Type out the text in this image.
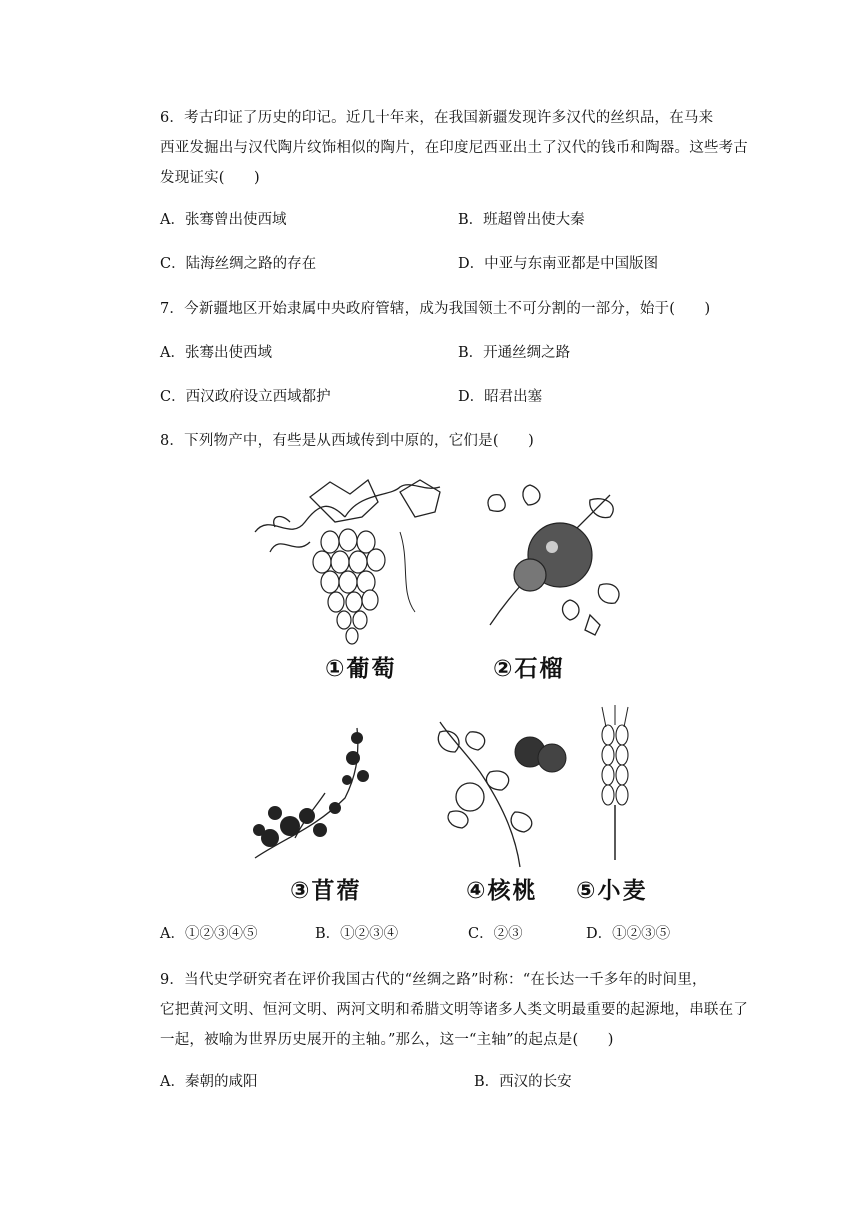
6．考古印证了历史的印记。近几十年来，在我国新疆发现许多汉代的丝织品，在马来
西亚发掘出与汉代陶片纹饰相似的陶片，在印度尼西亚出土了汉代的钱币和陶器。这些考古
发现证实(　　)
A．张骞曾出使西域	B．班超曾出使大秦
C．陆海丝绸之路的存在	D．中亚与东南亚都是中国版图
7．今新疆地区开始隶属中央政府管辖，成为我国领土不可分割的一部分，始于(　　)
A．张骞出使西域	B．开通丝绸之路
C．西汉政府设立西域都护	D．昭君出塞
8．下列物产中，有些是从西域传到中原的，它们是(　　)
①葡萄	②石榴
③苜蓿	④核桃 ⑤小麦
A．①②③④⑤	B．①②③④	C．②③	D．①②③⑤
9．当代史学研究者在评价我国古代的“丝绸之路”时称：“在长达一千多年的时间里，
它把黄河文明、恒河文明、两河文明和希腊文明等诸多人类文明最重要的起源地，串联在了
一起，被喻为世界历史展开的主轴。”那么，这一“主轴”的起点是(　　)
A．秦朝的咸阳	B．西汉的长安
